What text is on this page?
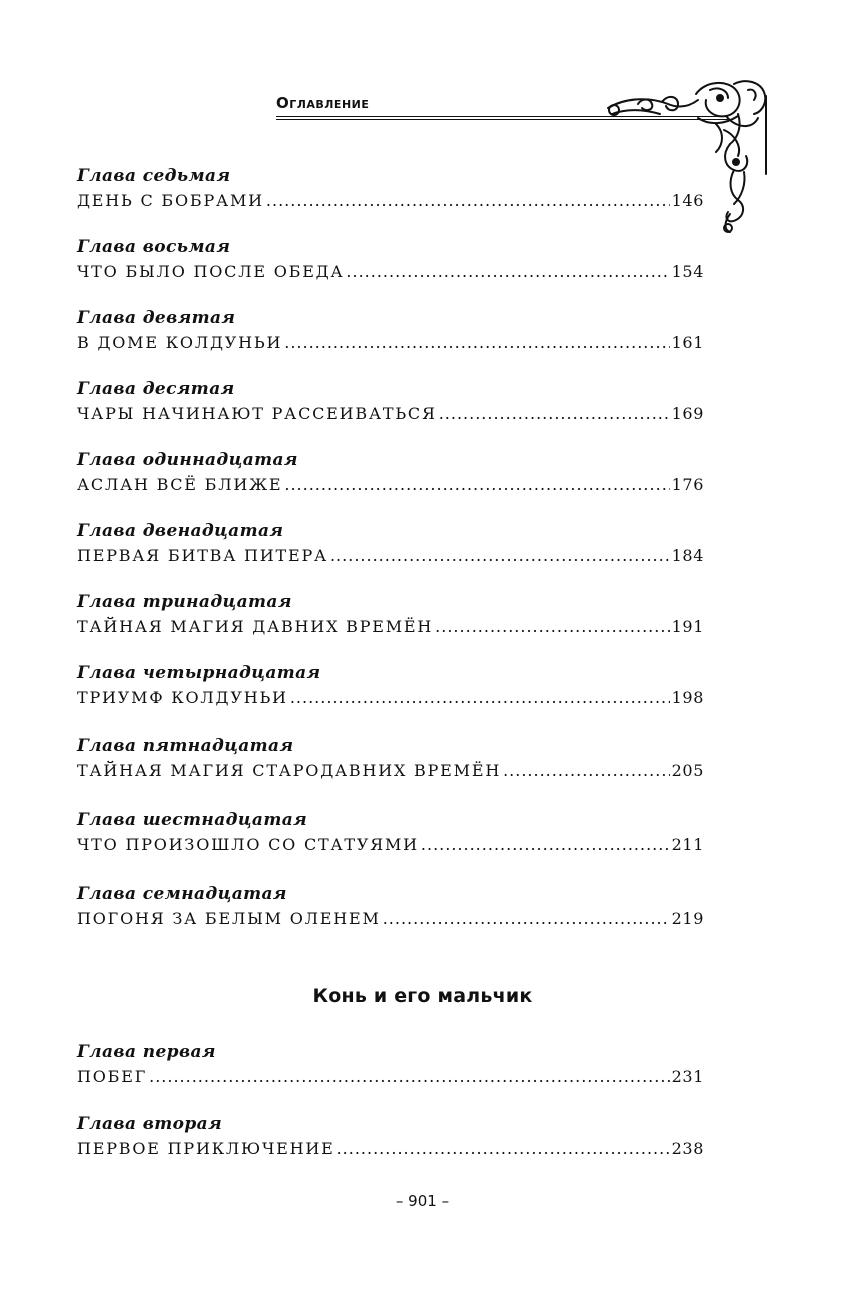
Оглавление
Глава седьмая
ДЕНЬ С БОБРАМИ .....	146
Глава восьмая
ЧТО БЫЛО ПОСЛЕ ОБЕДА .....	154
Глава девятая
В ДОМЕ КОЛДУНЬИ .....	161
Глава десятая
ЧАРЫ НАЧИНАЮТ РАССЕИВАТЬСЯ .....	169
Глава одиннадцатая
АСЛАН ВСЁ БЛИЖЕ .....	176
Глава двенадцатая
ПЕРВАЯ БИТВА ПИТЕРА .....	184
Глава тринадцатая
ТАЙНАЯ МАГИЯ ДАВНИХ ВРЕМЁН .....	191
Глава четырнадцатая
ТРИУМФ КОЛДУНЬИ .....	198
Глава пятнадцатая
ТАЙНАЯ МАГИЯ СТАРОДАВНИХ ВРЕМЁН .....	205
Глава шестнадцатая
ЧТО ПРОИЗОШЛО СО СТАТУЯМИ .....	211
Глава семнадцатая
ПОГОНЯ ЗА БЕЛЫМ ОЛЕНЕМ .....	219
Конь и его мальчик
Глава первая
ПОБЕГ .....	231
Глава вторая
ПЕРВОЕ ПРИКЛЮЧЕНИЕ .....	238
– 901 –
